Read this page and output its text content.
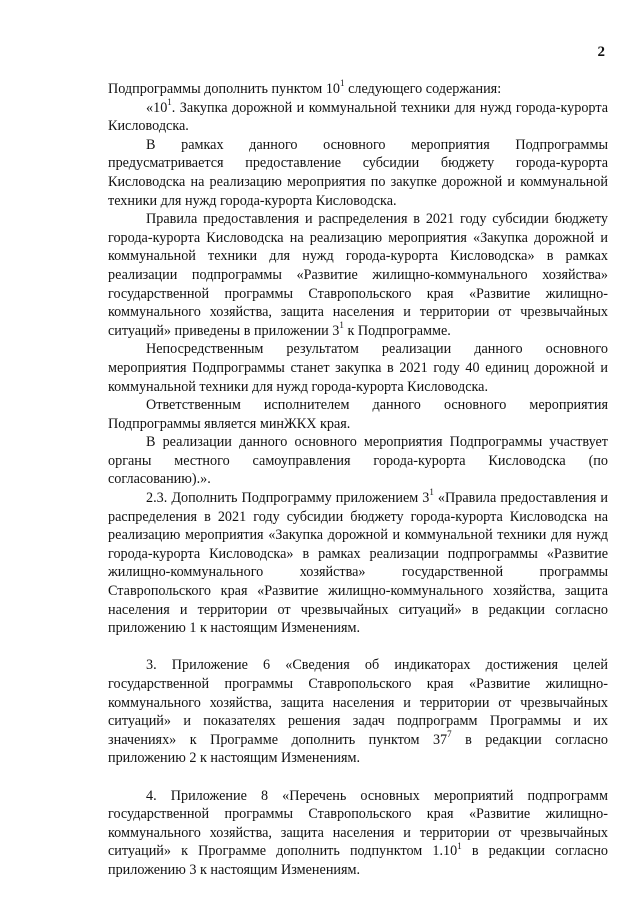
2

Подпрограммы дополнить пунктом $10^1$ следующего содержания:

«$10^1$. Закупка дорожной и коммунальной техники для нужд города-курорта Кисловодска.

В рамках данного основного мероприятия Подпрограммы предусматривается предоставление субсидии бюджету города-курорта Кисловодска на реализацию мероприятия по закупке дорожной и коммунальной техники для нужд города-курорта Кисловодска.

Правила предоставления и распределения в 2021 году субсидии бюджету города-курорта Кисловодска на реализацию мероприятия «Закупка дорожной и коммунальной техники для нужд города-курорта Кисловодска» в рамках реализации подпрограммы «Развитие жилищно-коммунального хозяйства» государственной программы Ставропольского края «Развитие жилищно-коммунального хозяйства, защита населения и территории от чрезвычайных ситуаций» приведены в приложении $3^1$ к Подпрограмме.

Непосредственным результатом реализации данного основного мероприятия Подпрограммы станет закупка в 2021 году 40 единиц дорожной и коммунальной техники для нужд города-курорта Кисловодска.

Ответственным исполнителем данного основного мероприятия Подпрограммы является минЖКХ края.

В реализации данного основного мероприятия Подпрограммы участвует органы местного самоуправления города-курорта Кисловодска (по согласованию).».

2.3. Дополнить Подпрограмму приложением $3^1$ «Правила предоставления и распределения в 2021 году субсидии бюджету города-курорта Кисловодска на реализацию мероприятия «Закупка дорожной и коммунальной техники для нужд города-курорта Кисловодска» в рамках реализации подпрограммы «Развитие жилищно-коммунального хозяйства» государственной программы Ставропольского края «Развитие жилищно-коммунального хозяйства, защита населения и территории от чрезвычайных ситуаций» в редакции согласно приложению 1 к настоящим Изменениям.

3. Приложение 6 «Сведения об индикаторах достижения целей государственной программы Ставропольского края «Развитие жилищно-коммунального хозяйства, защита населения и территории от чрезвычайных ситуаций» и показателях решения задач подпрограмм Программы и их значениях» к Программе дополнить пунктом $37^7$ в редакции согласно приложению 2 к настоящим Изменениям.

4. Приложение 8 «Перечень основных мероприятий подпрограмм государственной программы Ставропольского края «Развитие жилищно-коммунального хозяйства, защита населения и территории от чрезвычайных ситуаций» к Программе дополнить подпунктом 1.10$^1$ в редакции согласно приложению 3 к настоящим Изменениям.
